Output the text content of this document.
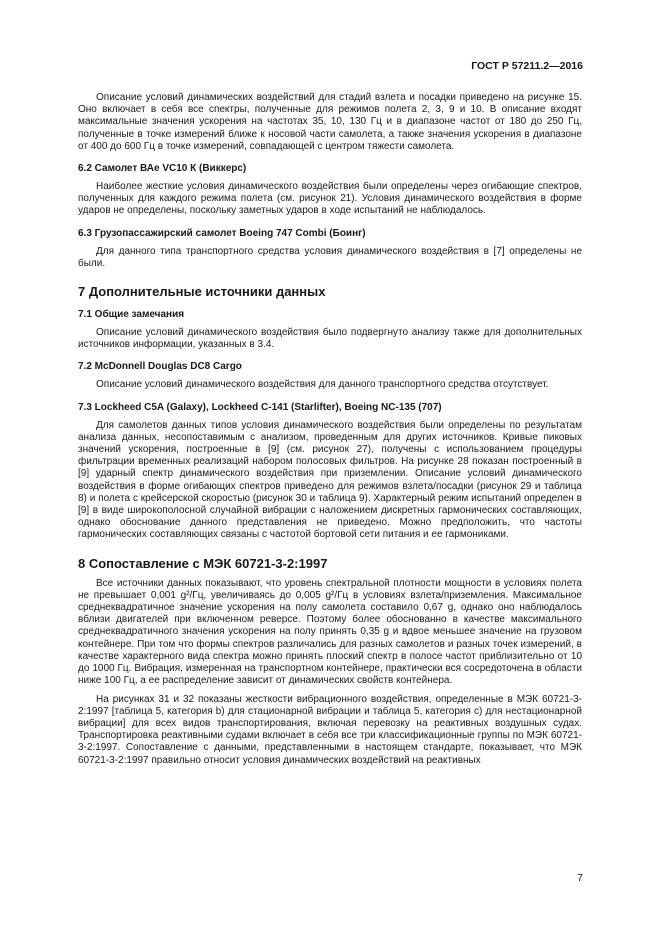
ГОСТ Р 57211.2—2016

Описание условий динамических воздействий для стадий взлета и посадки приведено на рисунке 15. Оно включает в себя все спектры, полученные для режимов полета 2, 3, 9 и 10. В описание входят максимальные значения ускорения на частотах 35, 10, 130 Гц и в диапазоне частот от 180 до 250 Гц, полученные в точке измерений ближе к носовой части самолета, а также значения ускорения в диапазоне от 400 до 600 Гц в точке измерений, совпадающей с центром тяжести самолета.

6.2 Самолет ВАе VC10 К (Виккерс)

Наиболее жесткие условия динамического воздействия были определены через огибающие спектров, полученных для каждого режима полета (см. рисунок 21). Условия динамического воздействия в форме ударов не определены, поскольку заметных ударов в ходе испытаний не наблюдалось.

6.3 Грузопассажирский самолет Boeing 747 Combi (Боинг)

Для данного типа транспортного средства условия динамического воздействия в [7] определены не были.

7 Дополнительные источники данных
7.1 Общие замечания

Описание условий динамического воздействия было подвергнуто анализу также для дополнительных источников информации, указанных в 3.4.

7.2 McDonnell Douglas DC8 Cargo

Описание условий динамического воздействия для данного транспортного средства отсутствует.

7.3 Lockheed C5A (Galaxy), Lockheed С-141 (Starlifter), Boeing NC-135 (707)

Для самолетов данных типов условия динамического воздействия были определены по результатам анализа данных, несопоставимым с анализом, проведенным для других источников. Кривые пиковых значений ускорения, построенные в [9] (см. рисунок 27), получены с использованием процедуры фильтрации временных реализаций набором полосовых фильтров. На рисунке 28 показан построенный в [9] ударный спектр динамического воздействия при приземлении. Описание условий динамического воздействия в форме огибающих спектров приведено для режимов взлета/посадки (рисунок 29 и таблица 8) и полета с крейсерской скоростью (рисунок 30 и таблица 9). Характерный режим испытаний определен в [9] в виде широкополосной случайной вибрации с наложением дискретных гармонических составляющих, однако обоснование данного представления не приведено. Можно предположить, что частоты гармонических составляющих связаны с частотой бортовой сети питания и ее гармониками.

8 Сопоставление с МЭК 60721-3-2:1997

Все источники данных показывают, что уровень спектральной плотности мощности в условиях полета не превышает 0,001 g²/Гц, увеличиваясь до 0,005 g²/Гц в условиях взлета/приземления. Максимальное среднеквадратичное значение ускорения на полу самолета составило 0,67 g, однако оно наблюдалось вблизи двигателей при включенном реверсе. Поэтому более обоснованно в качестве максимального среднеквадратичного значения ускорения на полу принять 0,35 g и вдвое меньшее значение на грузовом контейнере. При том что формы спектров различались для разных самолетов и разных точек измерений, в качестве характерного вида спектра можно принять плоский спектр в полосе частот приблизительно от 10 до 1000 Гц. Вибрация, измеренная на транспортном контейнере, практически вся сосредоточена в области ниже 100 Гц, а ее распределение зависит от динамических свойств контейнера.

На рисунках 31 и 32 показаны жесткости вибрационного воздействия, определенные в МЭК 60721-3-2:1997 [таблица 5, категория b) для стационарной вибрации и таблица 5, категория с) для нестационарной вибрации] для всех видов транспортирования, включая перевозку на реактивных воздушных судах. Транспортировка реактивными судами включает в себя все три классификационные группы по МЭК 60721-3-2:1997. Сопоставление с данными, представленными в настоящем стандарте, показывает, что МЭК 60721-3-2:1997 правильно относит условия динамических воздействий на реактивных

7
